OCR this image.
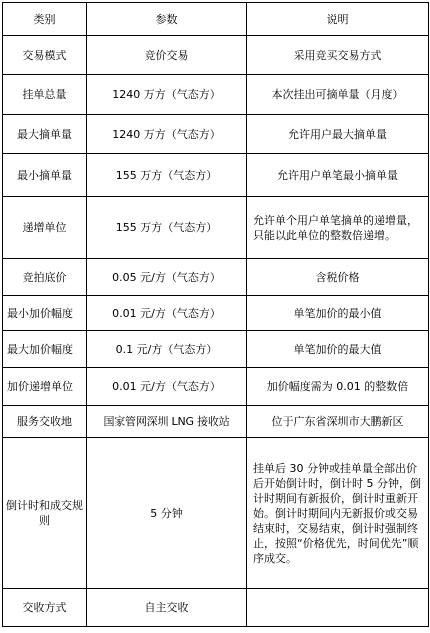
类别	参数	说明
交易模式	竞价交易	采用竞买交易方式
挂单总量	1240 万方（气态方）	本次挂出可摘单量（月度）
最大摘单量	1240 万方（气态方）	允许用户最大摘单量
最小摘单量	155 万方（气态方）	允许用户单笔最小摘单量
递增单位	155 万方（气态方）	允许单个用户单笔摘单的递增量，只能以此单位的整数倍递增。
竞拍底价	0.05 元/方（气态方）	含税价格
最小加价幅度	0.01 元/方（气态方）	单笔加价的最小值
最大加价幅度	0.1 元/方（气态方）	单笔加价的最大值
加价递增单位	0.01 元/方（气态方）	加价幅度需为 0.01 的整数倍
服务交收地	国家管网深圳 LNG 接收站	位于广东省深圳市大鹏新区
倒计时和成交规则	5 分钟	挂单后 30 分钟或挂单量全部出价后开始倒计时，倒计时 5 分钟，倒计时期间有新报价，倒计时重新开始。倒计时期间内无新报价或交易结束时，交易结束，倒计时强制终止，按照“价格优先，时间优先”顺序成交。
交收方式	自主交收	
